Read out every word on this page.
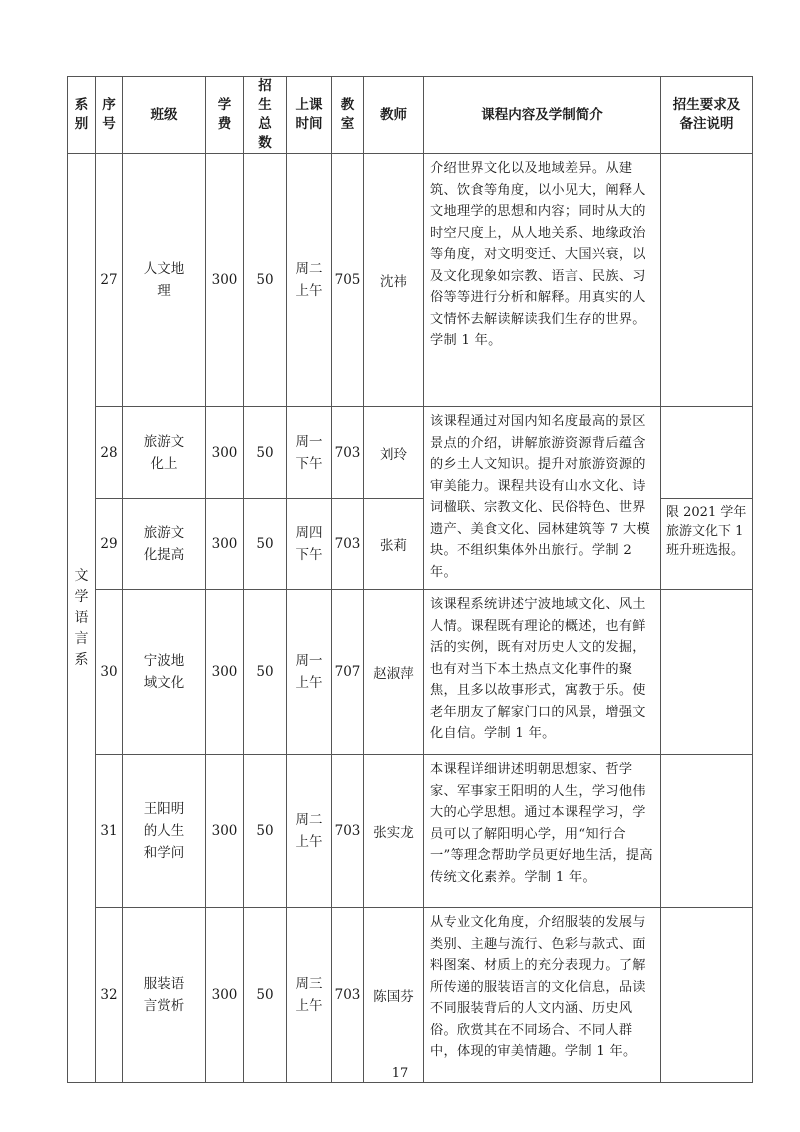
系别	序号	班级	学费	招生总数	上课时间	教室	教师	课程内容及学制简介	招生要求及备注说明
文学语言系	27	人文地理	300	50	周二上午	705	沈祎	介绍世界文化以及地域差异。从建筑、饮食等角度，以小见大，阐释人文地理学的思想和内容；同时从大的时空尺度上，从人地关系、地缘政治等角度，对文明变迁、大国兴衰，以及文化现象如宗教、语言、民族、习俗等等进行分析和解释。用真实的人文情怀去解读解读我们生存的世界。学制 1 年。	
	28	旅游文化上	300	50	周一下午	703	刘玲	该课程通过对国内知名度最高的景区景点的介绍，讲解旅游资源背后蕴含的乡土人文知识。提升对旅游资源的审美能力。课程共设有山水文化、诗词楹联、宗教文化、民俗特色、世界遗产、美食文化、园林建筑等 7 大模块。不组织集体外出旅行。学制 2 年。	
	29	旅游文化提高	300	50	周四下午	703	张莉		限 2021 学年旅游文化下 1 班升班选报。
	30	宁波地域文化	300	50	周一上午	707	赵淑萍	该课程系统讲述宁波地域文化、风土人情。课程既有理论的概述，也有鲜活的实例，既有对历史人文的发掘，也有对当下本土热点文化事件的聚焦，且多以故事形式，寓教于乐。使老年朋友了解家门口的风景，增强文化自信。学制 1 年。	
	31	王阳明的人生和学问	300	50	周二上午	703	张实龙	本课程详细讲述明朝思想家、哲学家、军事家王阳明的人生，学习他伟大的心学思想。通过本课程学习，学员可以了解阳明心学，用“知行合一”等理念帮助学员更好地生活，提高传统文化素养。学制 1 年。	
	32	服装语言赏析	300	50	周三上午	703	陈国芬	从专业文化角度，介绍服装的发展与类别、主趣与流行、色彩与款式、面料图案、材质上的充分表现力。了解所传递的服装语言的文化信息，品读不同服装背后的人文内涵、历史风俗。欣赏其在不同场合、不同人群中，体现的审美情趣。学制 1 年。	
17
